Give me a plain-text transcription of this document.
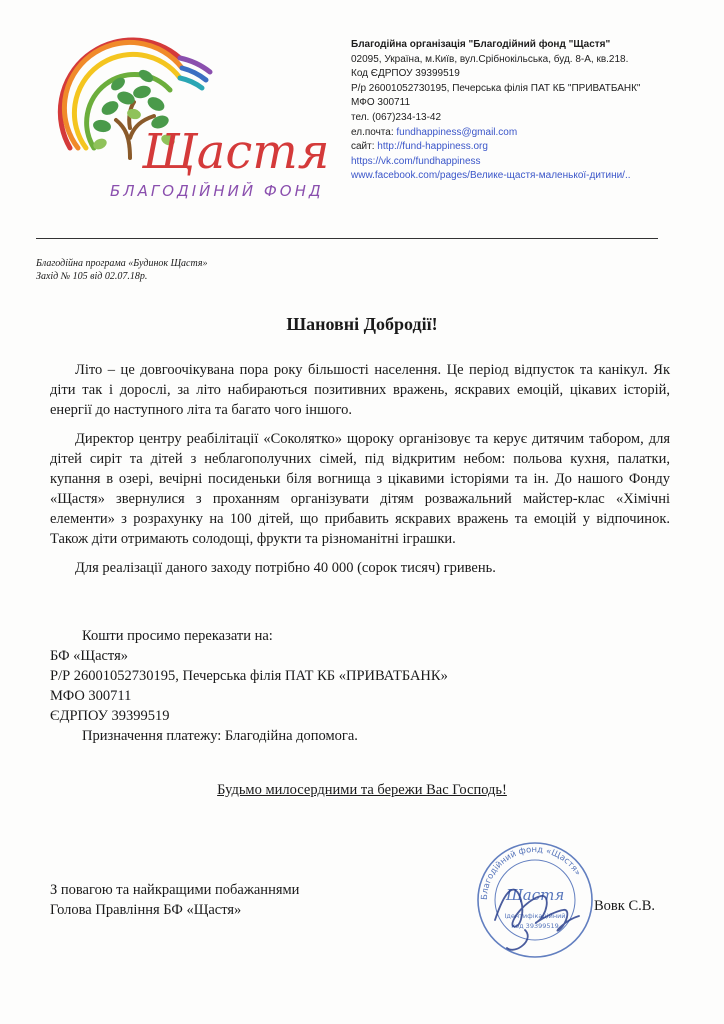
Щастя
БЛАГОДІЙНИЙ ФОНД
Благодійна організація "Благодійний фонд "Щастя"
02095, Україна, м.Київ, вул.Срібнокільська, буд. 8-А, кв.218.
Код ЄДРПОУ 39399519
Р/р 26001052730195, Печерська філія ПАТ КБ "ПРИВАТБАНК"
МФО 300711
тел. (067)234-13-42
ел.почта: fundhappiness@gmail.com
сайт: http://fund-happiness.org
https://vk.com/fundhappiness
www.facebook.com/pages/Велике-щастя-маленької-дитини/..
Благодійна програма «Будинок Щастя»
Захід № 105 від 02.07.18р.
Шановні Добродії!

Літо – це довгоочікувана пора року більшості населення. Це період відпусток та канікул. Як діти так і дорослі, за літо набираються позитивних вражень, яскравих емоцій, цікавих історій, енергії до наступного літа та багато чого іншого.

Директор центру реабілітації «Соколятко» щороку організовує та керує дитячим табором, для дітей сиріт та дітей з неблагополучних сімей, під відкритим небом: польова кухня, палатки, купання в озері, вечірні посиденьки біля вогнища з цікавими історіями та ін. До нашого Фонду «Щастя» звернулися з проханням організувати дітям розважальний майстер-клас «Хімічні елементи» з розрахунку на 100 дітей, що прибавить яскравих вражень та емоцій у відпочинок. Також діти отримають солодощі, фрукти та різноманітні іграшки.

Для реалізації даного заходу потрібно 40 000 (сорок тисяч) гривень.

Кошти просимо переказати на:
БФ «Щастя»
Р/Р 26001052730195, Печерська філія ПАТ КБ «ПРИВАТБАНК»
МФО 300711
ЄДРПОУ 39399519
Призначення платежу: Благодійна допомога.
Будьмо милосердними та бережи Вас Господь!
З повагою та найкращими побажаннями
Голова Правління БФ «Щастя»
Благодійний фонд «Щастя»
Щастя
Ідентифікаційний
код 39399519
Вовк С.В.
